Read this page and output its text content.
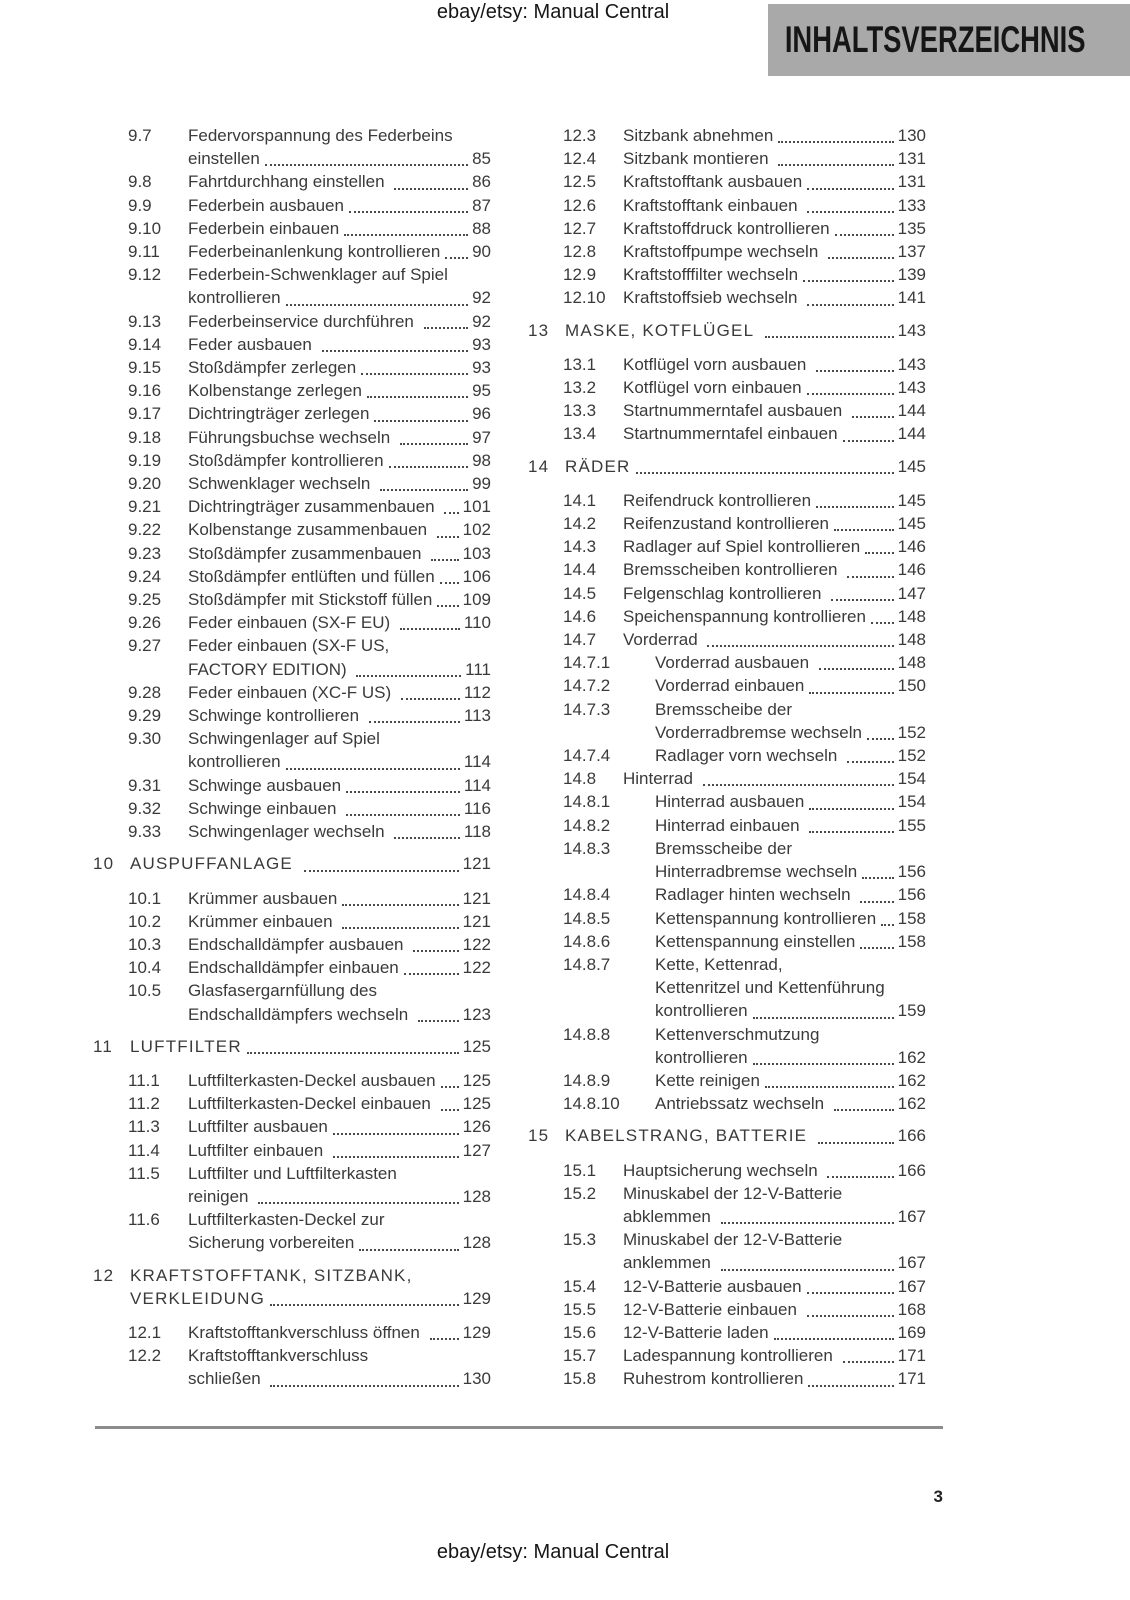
ebay/etsy: Manual Central
INHALTSVERZEICHNIS
9.7	Federvorspannung des Federbeins
einstellen	85
9.8	Fahrtdurchhang einstellen	86
9.9	Federbein ausbauen	87
9.10	Federbein einbauen	88
9.11	Federbeinanlenkung kontrollieren 90
9.12	Federbein-Schwenklager auf Spiel
kontrollieren	92
9.13	Federbeinservice durchführen	92
9.14	Feder ausbauen	93
9.15	Stoßdämpfer zerlegen	93
9.16	Kolbenstange zerlegen	95
9.17	Dichtringträger zerlegen	96
9.18	Führungsbuchse wechseln	97
9.19	Stoßdämpfer kontrollieren	98
9.20	Schwenklager wechseln	99
9.21	Dichtringträger zusammenbauen 101
9.22	Kolbenstange zusammenbauen 102
9.23	Stoßdämpfer zusammenbauen 103
9.24	Stoßdämpfer entlüften und füllen 106
9.25	Stoßdämpfer mit Stickstoff füllen 109
9.26	Feder einbauen (SX-F EU)	110
9.27	Feder einbauen (SX-F US,
FACTORY EDITION)	111
9.28	Feder einbauen (XC-F US)	112
9.29	Schwinge kontrollieren	113
9.30	Schwingenlager auf Spiel
kontrollieren	114
9.31	Schwinge ausbauen	114
9.32	Schwinge einbauen	116
9.33	Schwingenlager wechseln	118
10 AUSPUFFANLAGE	121
10.1	Krümmer ausbauen	121
10.2	Krümmer einbauen	121
10.3	Endschalldämpfer ausbauen	122
10.4	Endschalldämpfer einbauen	122
10.5	Glasfasergarnfüllung des
Endschalldämpfers wechseln	123
11 LUFTFILTER	125
11.1	Luftfilterkasten-Deckel ausbauen 125
11.2	Luftfilterkasten-Deckel einbauen 125
11.3	Luftfilter ausbauen	126
11.4	Luftfilter einbauen	127
11.5	Luftfilter und Luftfilterkasten
reinigen	128
11.6	Luftfilterkasten-Deckel zur
Sicherung vorbereiten	128
12 KRAFTSTOFFTANK, SITZBANK,
VERKLEIDUNG	129
12.1	Kraftstofftankverschluss öffnen 129
12.2	Kraftstofftankverschluss
schließen	130
12.3	Sitzbank abnehmen	130
12.4	Sitzbank montieren	131
12.5	Kraftstofftank ausbauen	131
12.6	Kraftstofftank einbauen	133
12.7	Kraftstoffdruck kontrollieren	135
12.8	Kraftstoffpumpe wechseln	137
12.9	Kraftstofffilter wechseln	139
12.10	Kraftstoffsieb wechseln	141
13 MASKE, KOTFLÜGEL	143
13.1	Kotflügel vorn ausbauen	143
13.2	Kotflügel vorn einbauen	143
13.3	Startnummerntafel ausbauen	144
13.4	Startnummerntafel einbauen	144
14 RÄDER	145
14.1	Reifendruck kontrollieren	145
14.2	Reifenzustand kontrollieren	145
14.3	Radlager auf Spiel kontrollieren 146
14.4	Bremsscheiben kontrollieren	146
14.5	Felgenschlag kontrollieren	147
14.6	Speichenspannung kontrollieren 148
14.7	Vorderrad	148
14.7.1	Vorderrad ausbauen	148
14.7.2	Vorderrad einbauen	150
14.7.3	Bremsscheibe der
Vorderradbremse wechseln 152
14.7.4	Radlager vorn wechseln	152
14.8	Hinterrad	154
14.8.1	Hinterrad ausbauen	154
14.8.2	Hinterrad einbauen	155
14.8.3	Bremsscheibe der
Hinterradbremse wechseln 156
14.8.4	Radlager hinten wechseln 156
14.8.5	Kettenspannung kontrollieren 158
14.8.6	Kettenspannung einstellen 158
14.8.7	Kette, Kettenrad,
Kettenritzel und Kettenführung
kontrollieren	159
14.8.8	Kettenverschmutzung
kontrollieren	162
14.8.9	Kette reinigen	162
14.8.10	Antriebssatz wechseln	162
15 KABELSTRANG, BATTERIE	166
15.1	Hauptsicherung wechseln	166
15.2	Minuskabel der 12-V-Batterie
abklemmen	167
15.3	Minuskabel der 12-V-Batterie
anklemmen	167
15.4	12-V-Batterie ausbauen	167
15.5	12-V-Batterie einbauen	168
15.6	12-V-Batterie laden	169
15.7	Ladespannung kontrollieren	171
15.8	Ruhestrom kontrollieren	171
3
ebay/etsy: Manual Central
